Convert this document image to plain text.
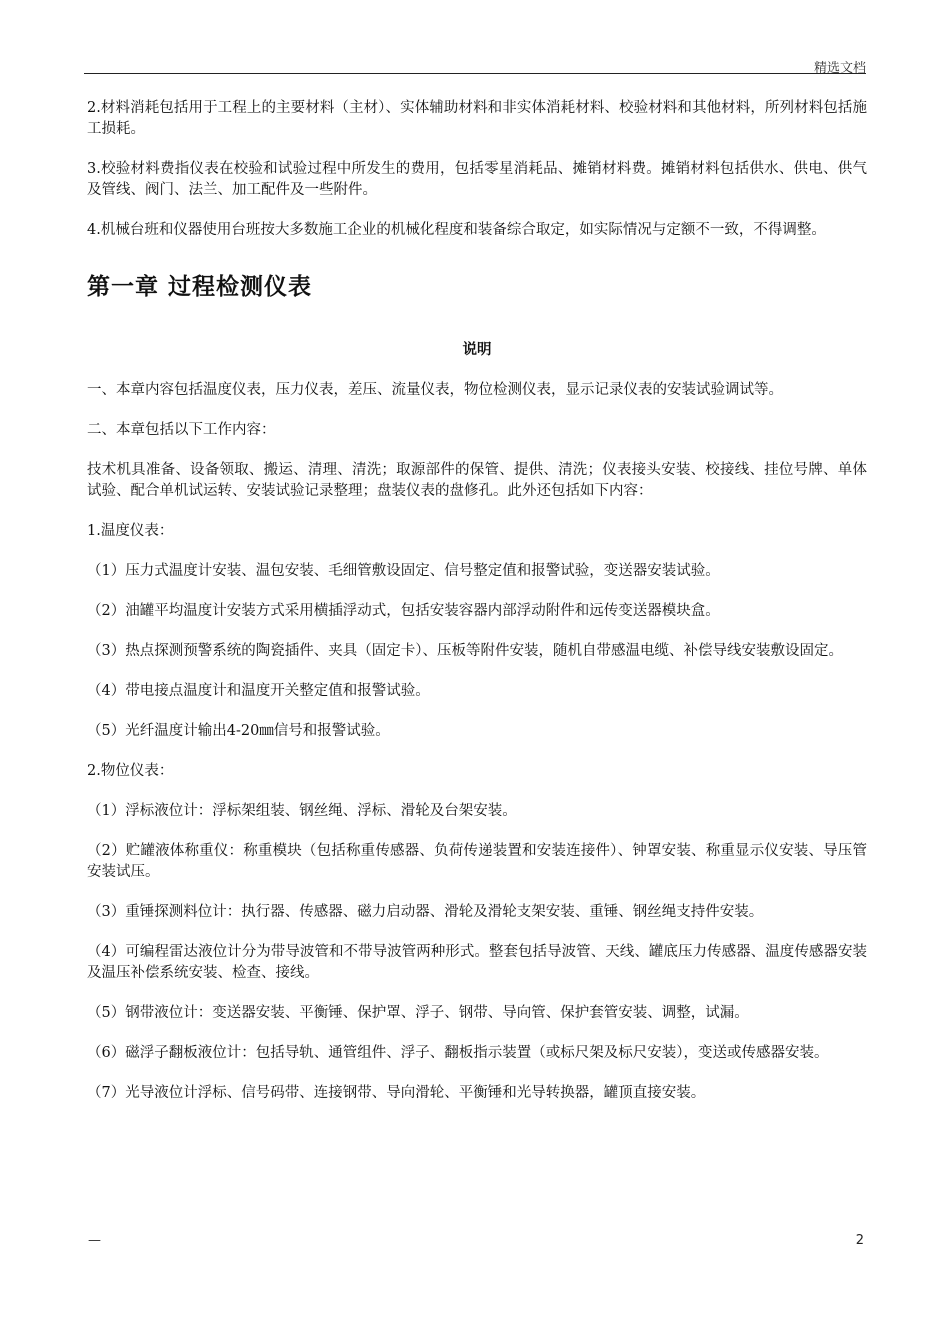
精选文档

2.材料消耗包括用于工程上的主要材料（主材）、实体辅助材料和非实体消耗材料、校验材料和其他材料，所列材料包括施工损耗。

3.校验材料费指仪表在校验和试验过程中所发生的费用，包括零星消耗品、摊销材料费。摊销材料包括供水、供电、供气及管线、阀门、法兰、加工配件及一些附件。

4.机械台班和仪器使用台班按大多数施工企业的机械化程度和装备综合取定，如实际情况与定额不一致，不得调整。

第一章 过程检测仪表
说明

一、本章内容包括温度仪表，压力仪表，差压、流量仪表，物位检测仪表，显示记录仪表的安装试验调试等。

二、本章包括以下工作内容：

技术机具准备、设备领取、搬运、清理、清洗；取源部件的保管、提供、清洗；仪表接头安装、校接线、挂位号牌、单体试验、配合单机试运转、安装试验记录整理；盘装仪表的盘修孔。此外还包括如下内容：

1.温度仪表：

（1）压力式温度计安装、温包安装、毛细管敷设固定、信号整定值和报警试验，变送器安装试验。

（2）油罐平均温度计安装方式采用横插浮动式，包括安装容器内部浮动附件和远传变送器模块盒。

（3）热点探测预警系统的陶瓷插件、夹具（固定卡）、压板等附件安装，随机自带感温电缆、补偿导线安装敷设固定。

（4）带电接点温度计和温度开关整定值和报警试验。

（5）光纤温度计输出4-20㎜信号和报警试验。

2.物位仪表：

（1）浮标液位计：浮标架组装、钢丝绳、浮标、滑轮及台架安装。

（2）贮罐液体称重仪：称重模块（包括称重传感器、负荷传递装置和安装连接件）、钟罩安装、称重显示仪安装、导压管安装试压。

（3）重锤探测料位计：执行器、传感器、磁力启动器、滑轮及滑轮支架安装、重锤、钢丝绳支持件安装。

（4）可编程雷达液位计分为带导波管和不带导波管两种形式。整套包括导波管、天线、罐底压力传感器、温度传感器安装及温压补偿系统安装、检查、接线。

（5）钢带液位计：变送器安装、平衡锤、保护罩、浮子、钢带、导向管、保护套管安装、调整，试漏。

（6）磁浮子翻板液位计：包括导轨、通管组件、浮子、翻板指示装置（或标尺架及标尺安装），变送或传感器安装。

（7）光导液位计浮标、信号码带、连接钢带、导向滑轮、平衡锤和光导转换器，罐顶直接安装。

—	2
